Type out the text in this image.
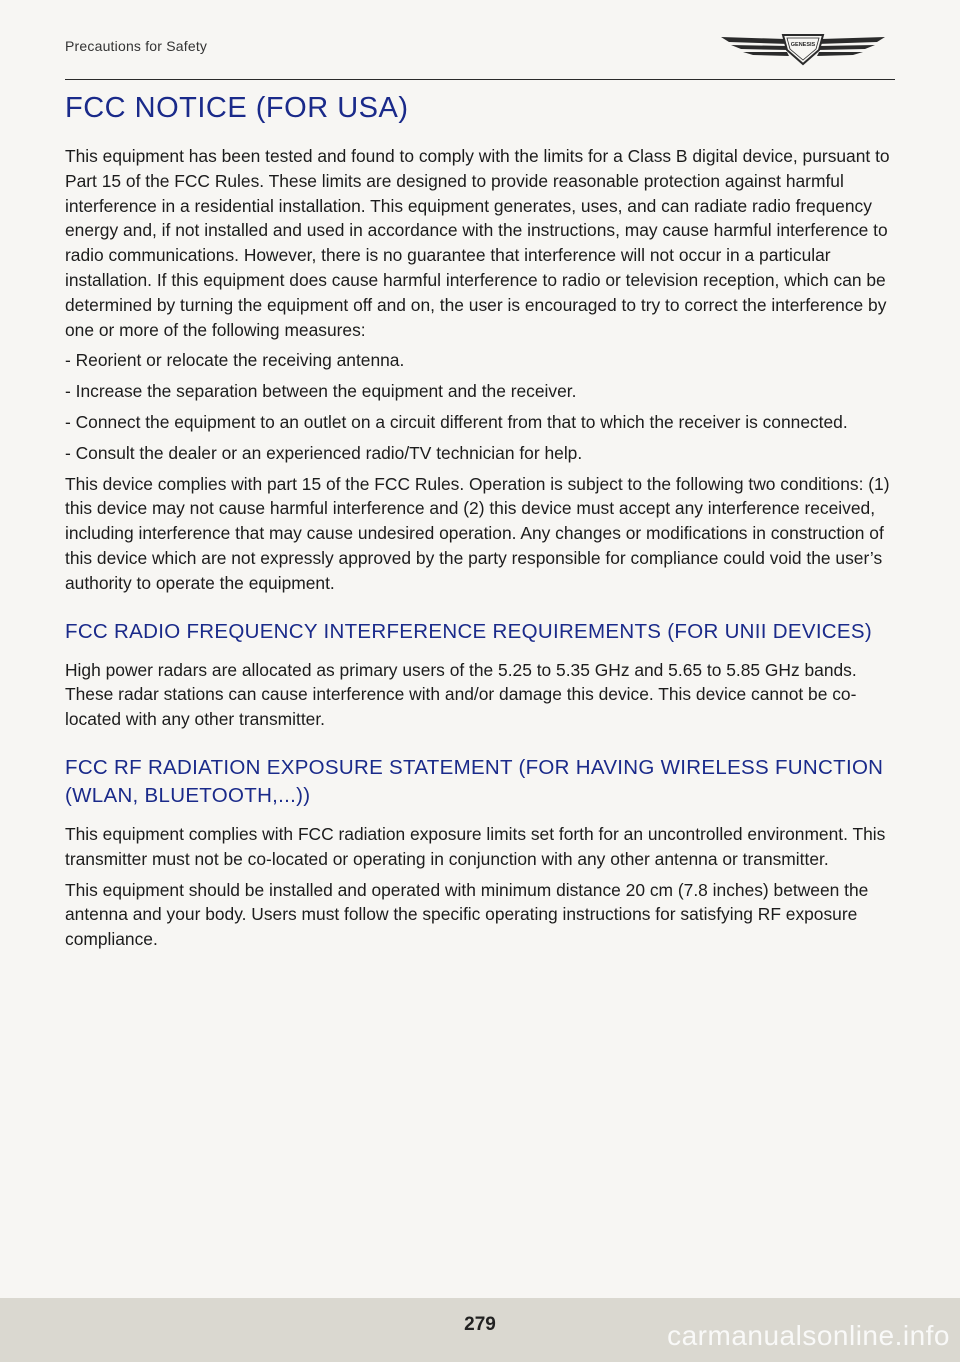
Precautions for Safety	GENESIS
FCC NOTICE (FOR USA)

This equipment has been tested and found to comply with the limits for a Class B digital device, pursuant to Part 15 of the FCC Rules. These limits are designed to provide reasonable protection against harmful interference in a residential installation. This equipment generates, uses, and can radiate radio frequency energy and, if not installed and used in accordance with the instructions, may cause harmful interference to radio communications. However, there is no guarantee that interference will not occur in a particular installation. If this equipment does cause harmful interference to radio or television reception, which can be determined by turning the equipment off and on, the user is encouraged to try to correct the interference by one or more of the following measures:

- Reorient or relocate the receiving antenna.

- Increase the separation between the equipment and the receiver.

- Connect the equipment to an outlet on a circuit different from that to which the receiver is connected.

- Consult the dealer or an experienced radio/TV technician for help.

This device complies with part 15 of the FCC Rules. Operation is subject to the following two conditions: (1) this device may not cause harmful interference and (2) this device must accept any interference received, including interference that may cause undesired operation. Any changes or modifications in construction of this device which are not expressly approved by the party responsible for compliance could void the user’s authority to operate the equipment.

FCC RADIO FREQUENCY INTERFERENCE REQUIREMENTS (FOR UNII DEVICES)

High power radars are allocated as primary users of the 5.25 to 5.35 GHz and 5.65 to 5.85 GHz bands. These radar stations can cause interference with and/or damage this device. This device cannot be co-located with any other transmitter.

FCC RF RADIATION EXPOSURE STATEMENT (FOR HAVING WIRELESS FUNCTION (WLAN, BLUETOOTH,...))

This equipment complies with FCC radiation exposure limits set forth for an uncontrolled environment. This transmitter must not be co-located or operating in conjunction with any other antenna or transmitter.

This equipment should be installed and operated with minimum distance 20 cm (7.8 inches) between the antenna and your body. Users must follow the specific operating instructions for satisfying RF exposure compliance.

279	carmanualsonline.info
